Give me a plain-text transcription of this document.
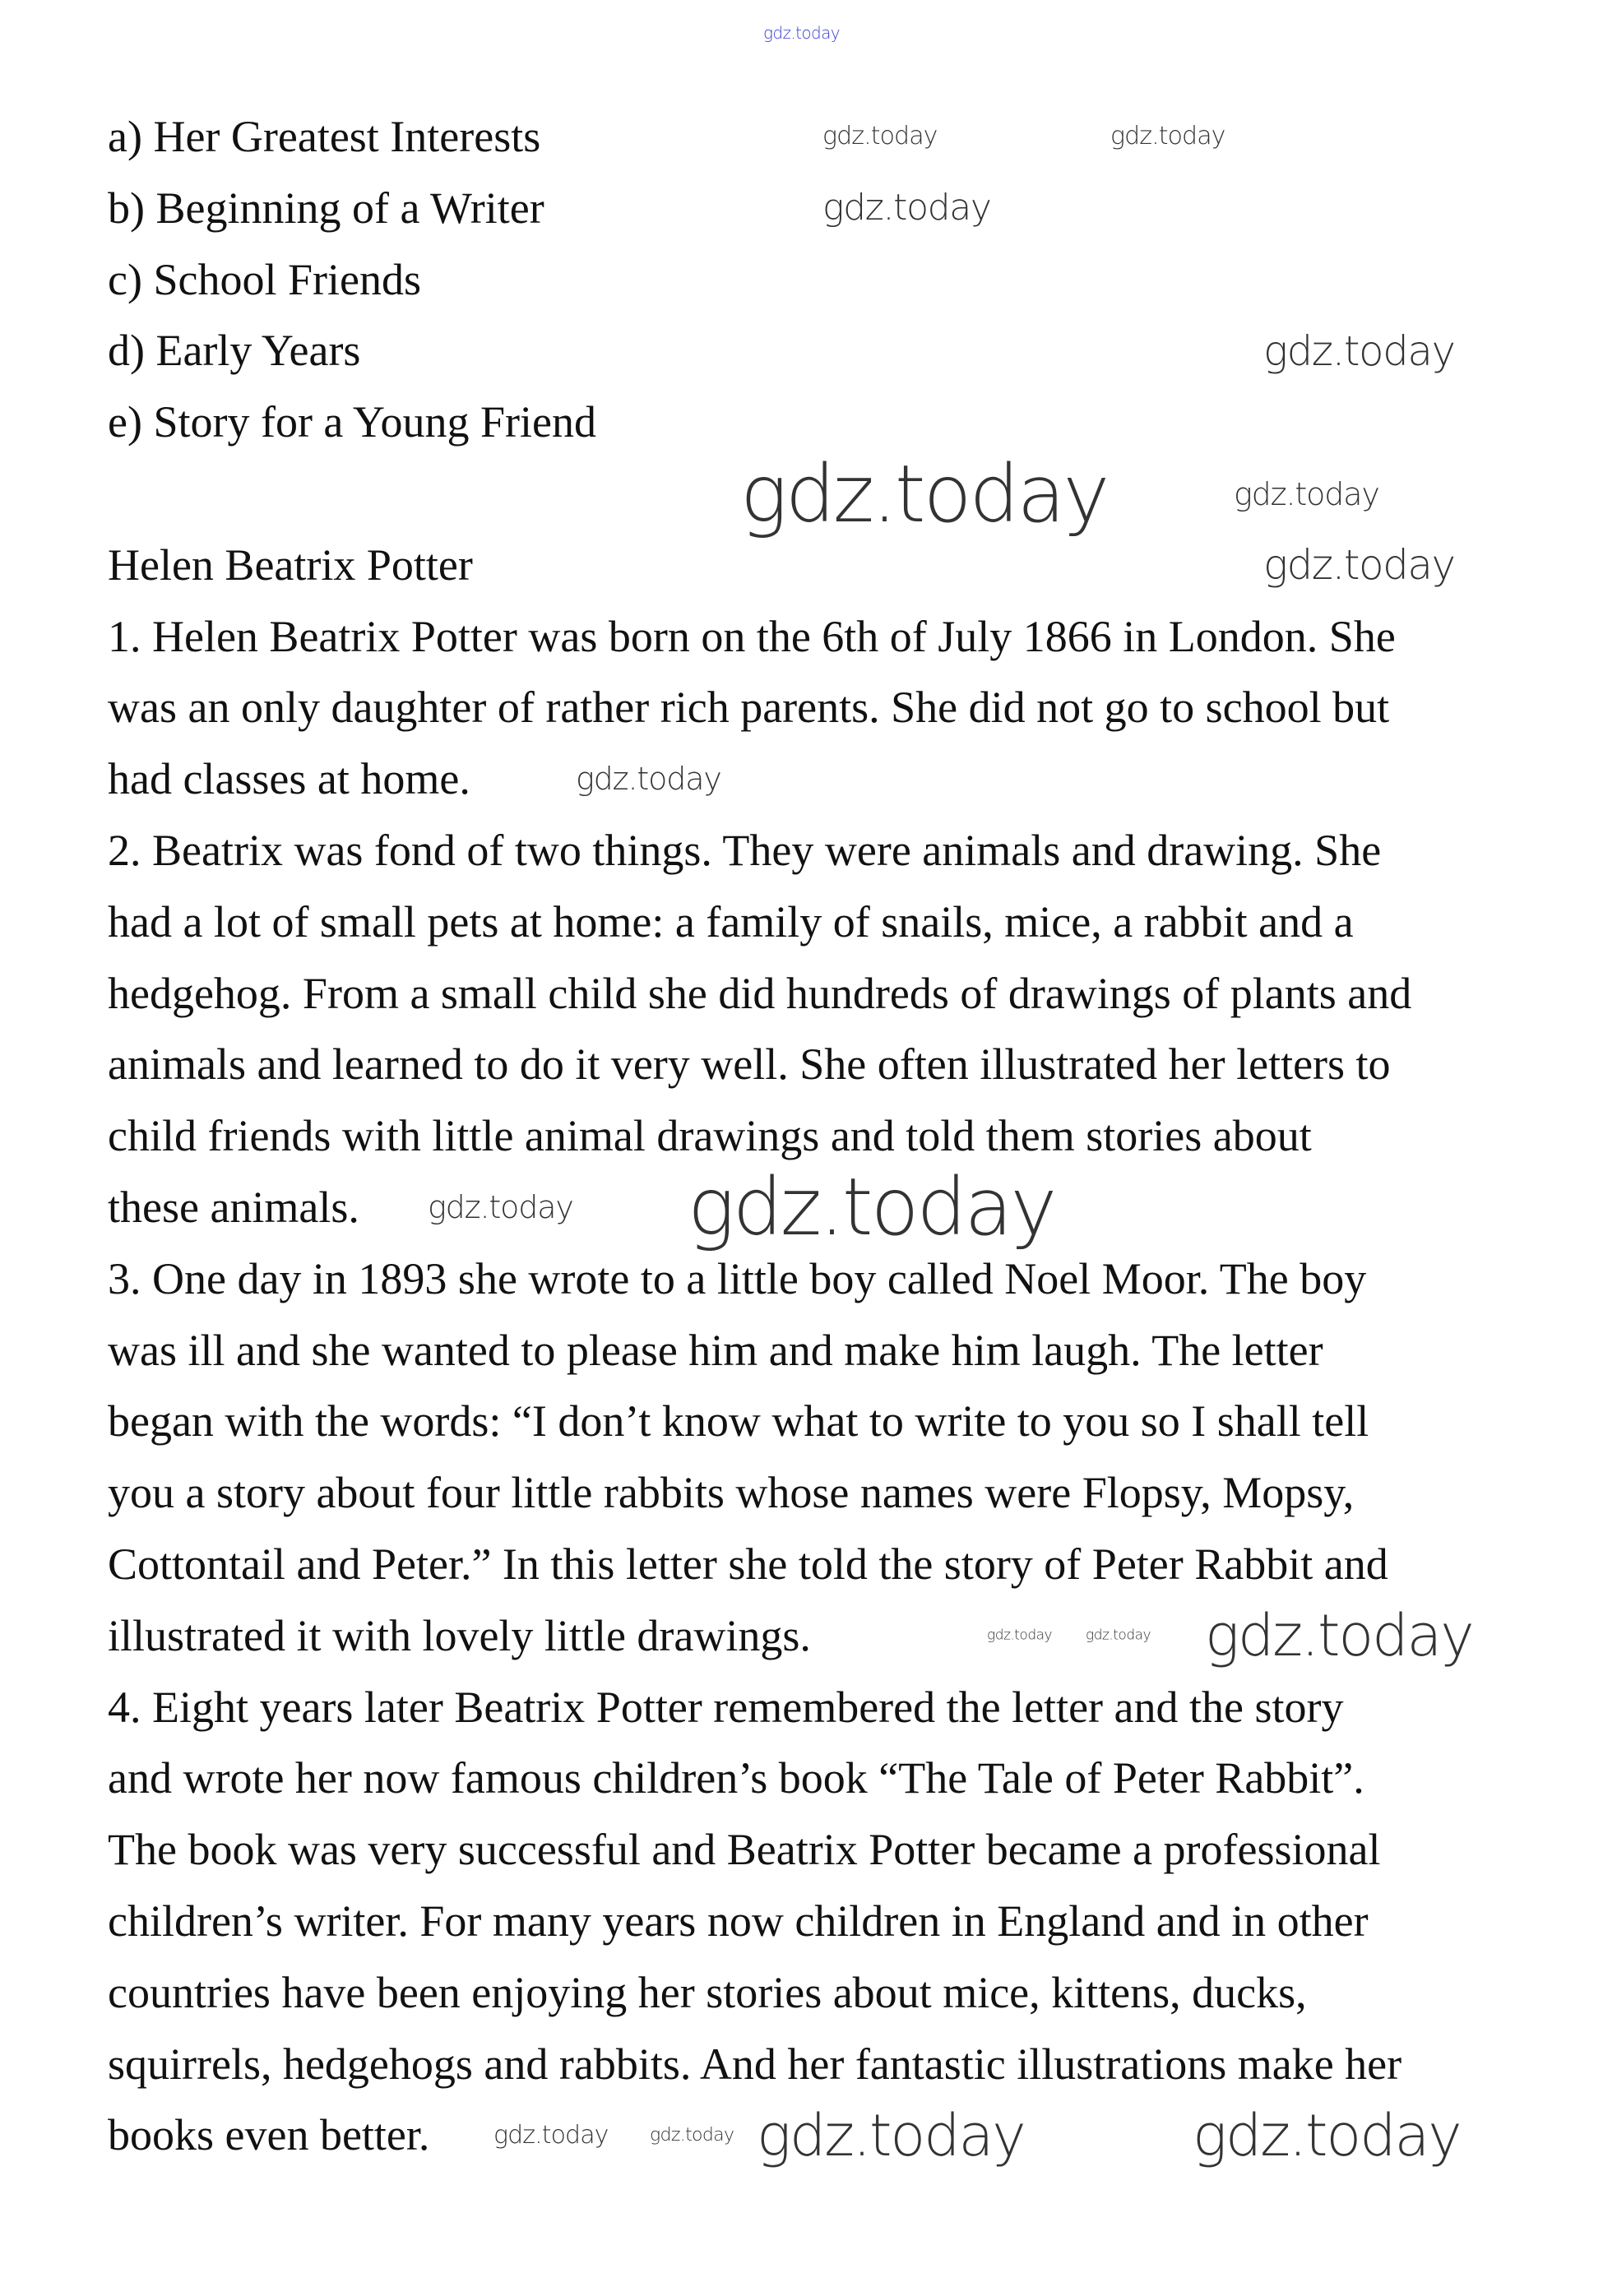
a) Her Greatest Interests
b) Beginning of a Writer
c) School Friends
d) Early Years
e) Story for a Young Friend
Helen Beatrix Potter
1. Helen Beatrix Potter was born on the 6th of July 1866 in London. She
was an only daughter of rather rich parents. She did not go to school but
had classes at home.
2. Beatrix was fond of two things. They were animals and drawing. She
had a lot of small pets at home: a family of snails, mice, a rabbit and a
hedgehog. From a small child she did hundreds of drawings of plants and
animals and learned to do it very well. She often illustrated her letters to
child friends with little animal drawings and told them stories about
these animals.
3. One day in 1893 she wrote to a little boy called Noel Moor. The boy
was ill and she wanted to please him and make him laugh. The letter
began with the words: “I don’t know what to write to you so I shall tell
you a story about four little rabbits whose names were Flopsy, Mopsy,
Cottontail and Peter.” In this letter she told the story of Peter Rabbit and
illustrated it with lovely little drawings.
4. Eight years later Beatrix Potter remembered the letter and the story
and wrote her now famous children’s book “The Tale of Peter Rabbit”.
The book was very successful and Beatrix Potter became a professional
children’s writer. For many years now children in England and in other
countries have been enjoying her stories about mice, kittens, ducks,
squirrels, hedgehogs and rabbits. And her fantastic illustrations make her
books even better.
gdz.today
gdz.today	gdz.today
gdz.today
gdz.today
gdz.today	gdz.today
gdz.today
gdz.today
gdz.today gdz.today
gdz.today gdz.today gdz.today
gdz.today gdz.today gdz.today	gdz.today
